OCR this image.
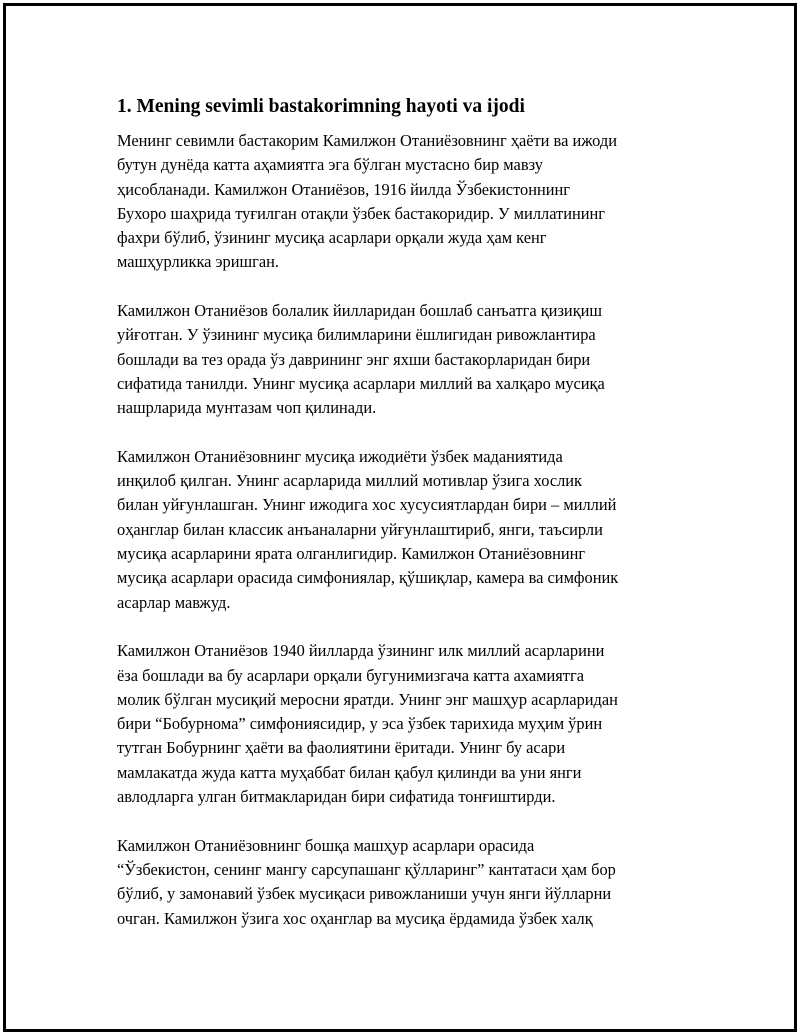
1. Mening sevimli bastakorimning hayoti va ijodi

Менинг севимли бастакорим Камилжон Отаниёзовнинг ҳаёти ва ижоди
бутун дунёда катта аҳамиятга эга бўлган мустасно бир мавзу
ҳисобланади. Камилжон Отаниёзов, 1916 йилда Ўзбекистоннинг
Бухоро шаҳрида туғилган отақли ўзбек бастакоридир. У миллатининг
фахри бўлиб, ўзининг мусиқа асарлари орқали жуда ҳам кенг
машҳурликка эришган.

Камилжон Отаниёзов болалик йилларидан бошлаб санъатга қизиқиш
уйғотган. У ўзининг мусиқа билимларини ёшлигидан ривожлантира
бошлади ва тез орада ўз даврининг энг яхши бастакорларидан бири
сифатида танилди. Унинг мусиқа асарлари миллий ва халқаро мусиқа
нашрларида мунтазам чоп қилинади.

Камилжон Отаниёзовнинг мусиқа ижодиёти ўзбек маданиятида
инқилоб қилган. Унинг асарларида миллий мотивлар ўзига хослик
билан уйғунлашган. Унинг ижодига хос хусусиятлардан бири – миллий
оҳанглар билан классик анъаналарни уйғунлаштириб, янги, таъсирли
мусиқа асарларини ярата олганлигидир. Камилжон Отаниёзовнинг
мусиқа асарлари орасида симфониялар, қўшиқлар, камера ва симфоник
асарлар мавжуд.

Камилжон Отаниёзов 1940 йилларда ўзининг илк миллий асарларини
ёза бошлади ва бу асарлари орқали бугунимизгача катта ахамиятга
молик бўлган мусиқий меросни яратди. Унинг энг машҳур асарларидан
бири “Бобурнома” симфониясидир, у эса ўзбек тарихида муҳим ўрин
тутган Бобурнинг ҳаёти ва фаолиятини ёритади. Унинг бу асари
мамлакатда жуда катта муҳаббат билан қабул қилинди ва уни янги
авлодларга улган битмакларидан бири сифатида тонғиштирди.

Камилжон Отаниёзовнинг бошқа машҳур асарлари орасида
“Ўзбекистон, сенинг мангу сарсупашанг қўлларинг” кантатаси ҳам бор
бўлиб, у замонавий ўзбек мусиқаси ривожланиши учун янги йўлларни
очган. Камилжон ўзига хос оҳанглар ва мусиқа ёрдамида ўзбек халқ
